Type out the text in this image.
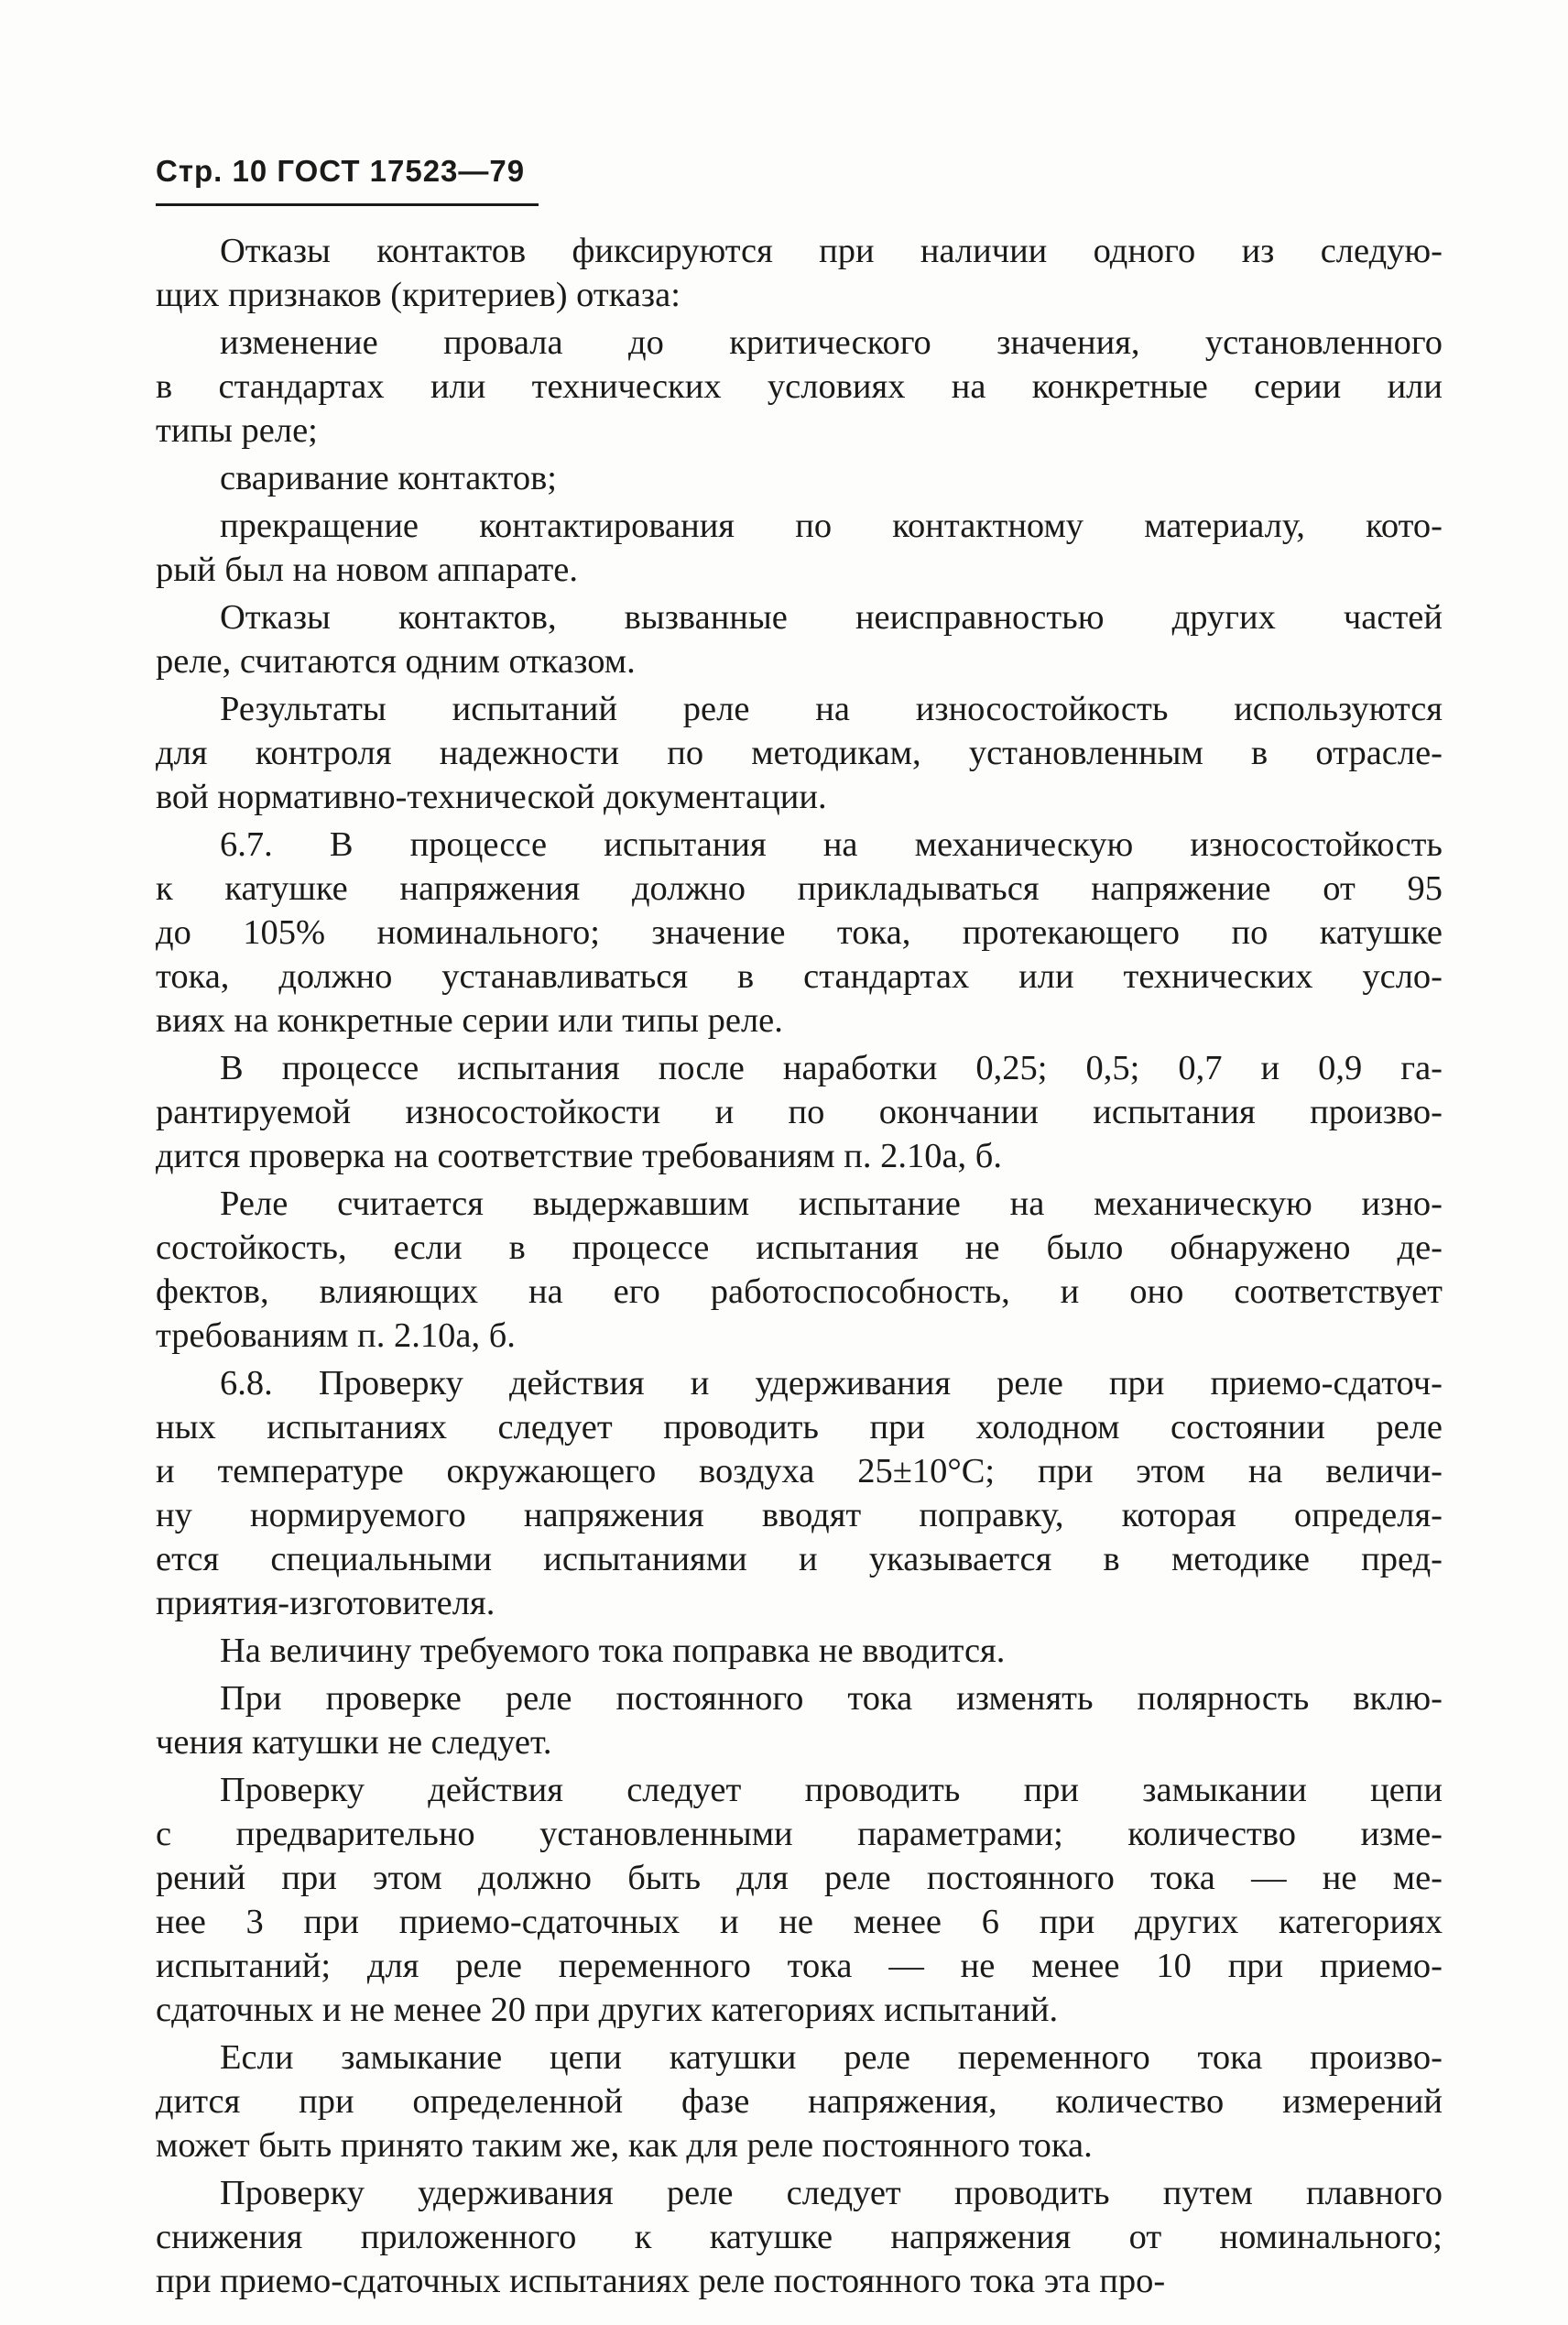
Стр. 10 ГОСТ 17523—79
Отказы контактов фиксируются при наличии одного из следую-
щих признаков (критериев) отказа:
изменение провала до критического значения, установленного
в стандартах или технических условиях на конкретные серии или
типы реле;
сваривание контактов;
прекращение контактирования по контактному материалу, кото-
рый был на новом аппарате.
Отказы контактов, вызванные неисправностью других частей
реле, считаются одним отказом.
Результаты испытаний реле на износостойкость используются
для контроля надежности по методикам, установленным в отрасле-
вой нормативно-технической документации.
6.7. В процессе испытания на механическую износостойкость
к катушке напряжения должно прикладываться напряжение от 95
до 105% номинального; значение тока, протекающего по катушке
тока, должно устанавливаться в стандартах или технических усло-
виях на конкретные серии или типы реле.
В процессе испытания после наработки 0,25; 0,5; 0,7 и 0,9 га-
рантируемой износостойкости и по окончании испытания произво-
дится проверка на соответствие требованиям п. 2.10а, б.
Реле считается выдержавшим испытание на механическую изно-
состойкость, если в процессе испытания не было обнаружено де-
фектов, влияющих на его работоспособность, и оно соответствует
требованиям п. 2.10а, б.
6.8. Проверку действия и удерживания реле при приемо-сдаточ-
ных испытаниях следует проводить при холодном состоянии реле
и температуре окружающего воздуха 25±10°С; при этом на величи-
ну нормируемого напряжения вводят поправку, которая определя-
ется специальными испытаниями и указывается в методике пред-
приятия-изготовителя.
На величину требуемого тока поправка не вводится.
При проверке реле постоянного тока изменять полярность вклю-
чения катушки не следует.
Проверку действия следует проводить при замыкании цепи
с предварительно установленными параметрами; количество изме-
рений при этом должно быть для реле постоянного тока — не ме-
нее 3 при приемо-сдаточных и не менее 6 при других категориях
испытаний; для реле переменного тока — не менее 10 при приемо-
сдаточных и не менее 20 при других категориях испытаний.
Если замыкание цепи катушки реле переменного тока произво-
дится при определенной фазе напряжения, количество измерений
может быть принято таким же, как для реле постоянного тока.
Проверку удерживания реле следует проводить путем плавного
снижения приложенного к катушке напряжения от номинального;
при приемо-сдаточных испытаниях реле постоянного тока эта про-
